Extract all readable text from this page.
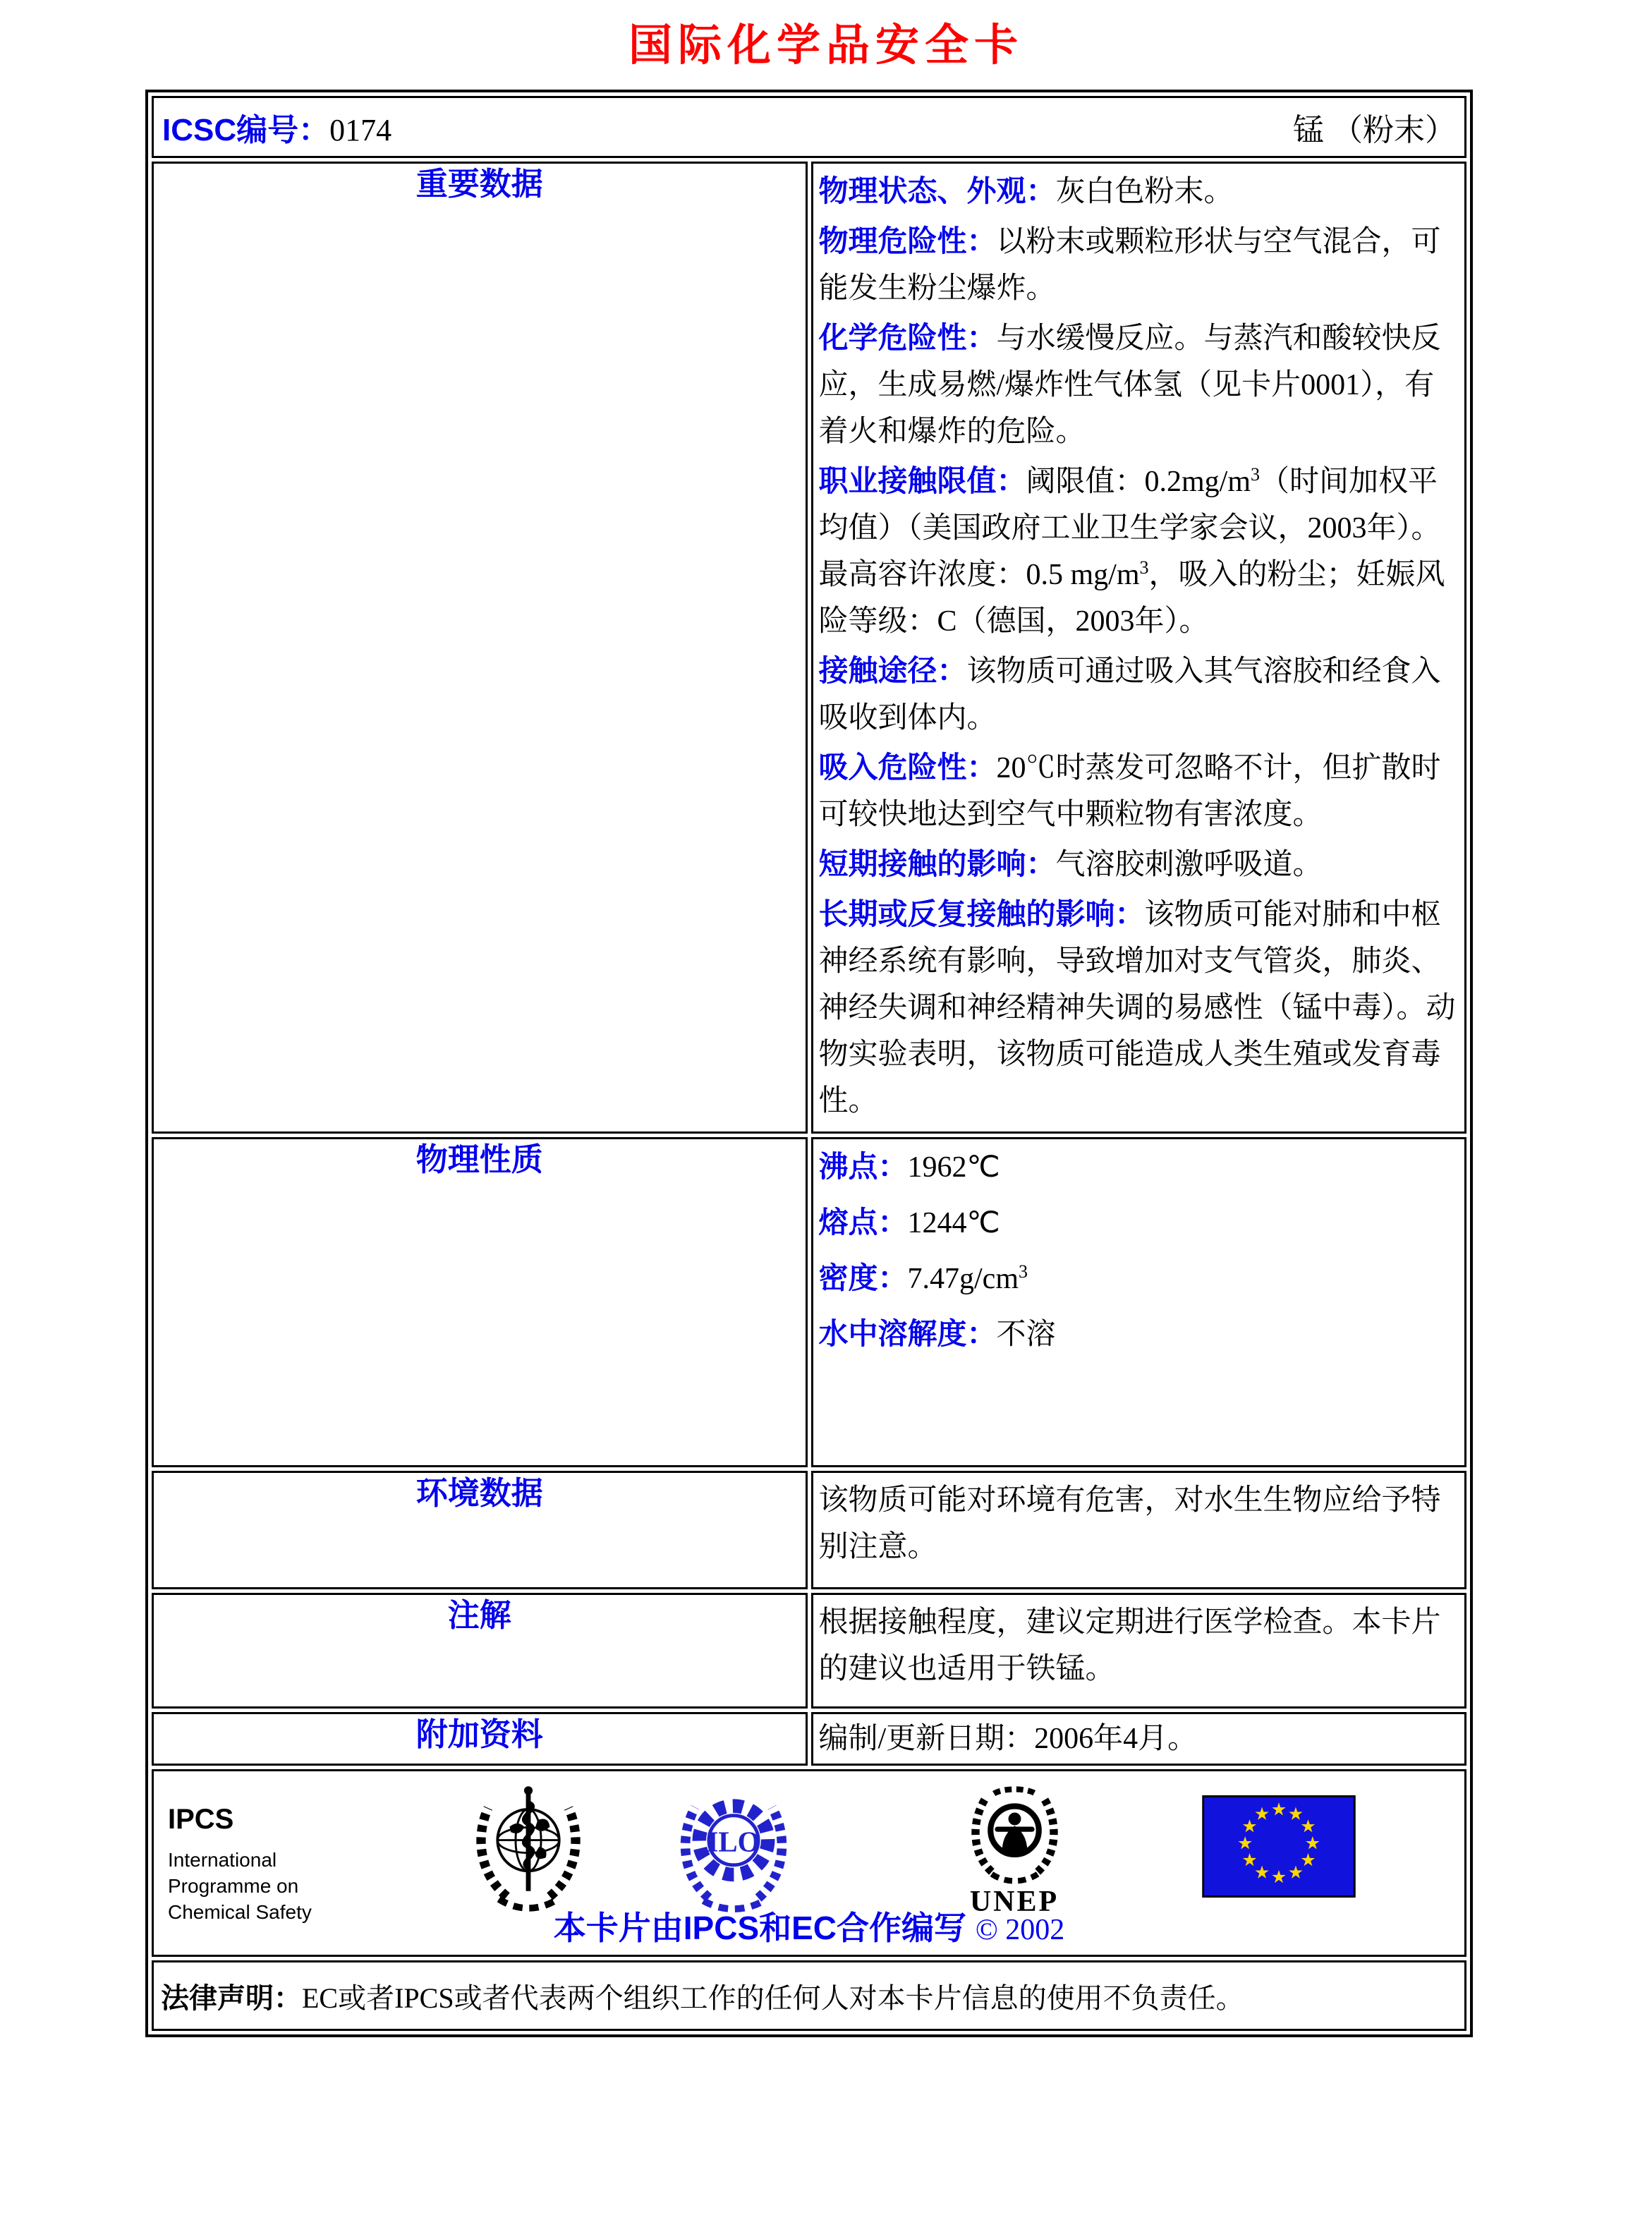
国际化学品安全卡
ICSC编号：0174 锰 （粉末）	

重要数据	物理状态、外观：灰白色粉末。
物理危险性：以粉末或颗粒形状与空气混合，可能发生粉尘爆炸。
化学危险性：与水缓慢反应。与蒸汽和酸较快反应，生成易燃/爆炸性气体氢（见卡片0001），有着火和爆炸的危险。
职业接触限值：阈限值：$0.2mg/m^3$（时间加权平均值）（美国政府工业卫生学家会议，2003年）。最高容许浓度：0.5 $mg/m^3$，吸入的粉尘；妊娠风险等级：C（德国，2003年）。
接触途径：该物质可通过吸入其气溶胶和经食入吸收到体内。
吸入危险性：20℃时蒸发可忽略不计，但扩散时可较快地达到空气中颗粒物有害浓度。
短期接触的影响：气溶胶刺激呼吸道。
长期或反复接触的影响：该物质可能对肺和中枢神经系统有影响，导致增加对支气管炎，肺炎、神经失调和神经精神失调的易感性（锰中毒）。动物实验表明，该物质可能造成人类生殖或发育毒性。

物理性质	沸点：1962℃
熔点：1244℃
密度：$7.47g/cm^3$
水中溶解度：不溶

环境数据	该物质可能对环境有危害，对水生生物应给予特别注意。

注解	根据接触程度，建议定期进行医学检查。本卡片的建议也适用于铁锰。

附加资料	编制/更新日期：2006年4月。

IPCS
International
Programme on
Chemical Safety
ILO
UNEP
本卡片由IPCS和EC合作编写 © 2002

法律声明：EC或者IPCS或者代表两个组织工作的任何人对本卡片信息的使用不负责任。	
